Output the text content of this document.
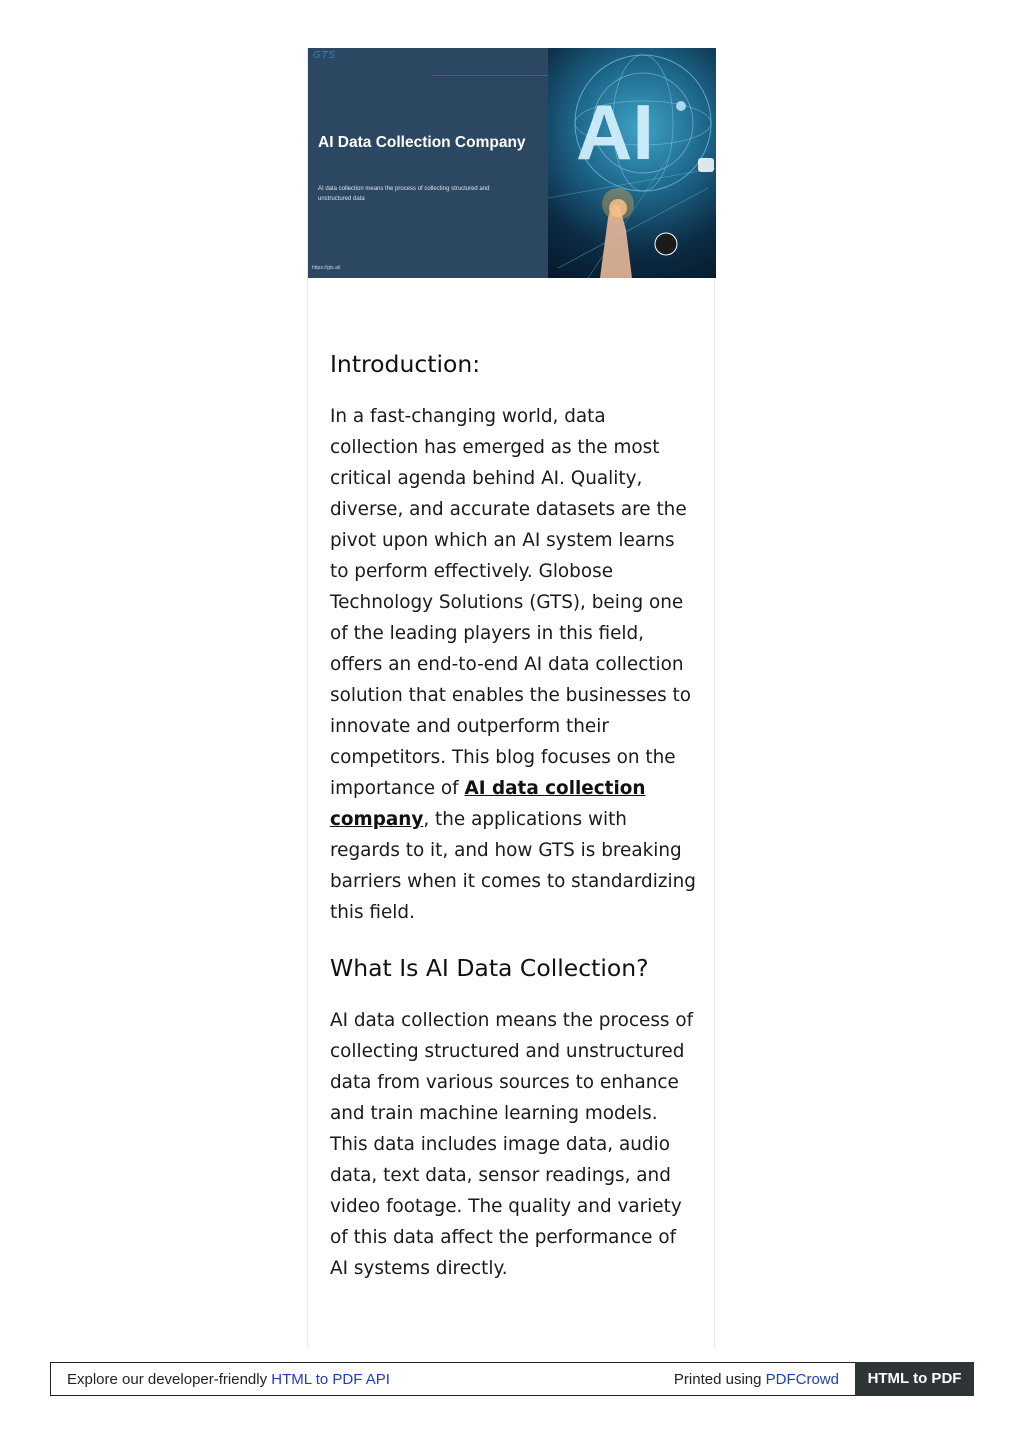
GTS
AI Data Collection Company
AI data collection means the process of collecting structured and unstructured data
https://gts.ai/
AI
Introduction:

In a fast-changing world, data collection has emerged as the most critical agenda behind AI. Quality, diverse, and accurate datasets are the pivot upon which an AI system learns to perform effectively. Globose Technology Solutions (GTS), being one of the leading players in this field, offers an end-to-end AI data collection solution that enables the businesses to innovate and outperform their competitors. This blog focuses on the importance of AI data collection company, the applications with regards to it, and how GTS is breaking barriers when it comes to standardizing this field.

What Is AI Data Collection?

AI data collection means the process of collecting structured and unstructured data from various sources to enhance and train machine learning models. This data includes image data, audio data, text data, sensor readings, and video footage. The quality and variety of this data affect the performance of AI systems directly.

Explore our developer-friendly HTML to PDF API	Printed using PDFCrowd	HTML to PDF
